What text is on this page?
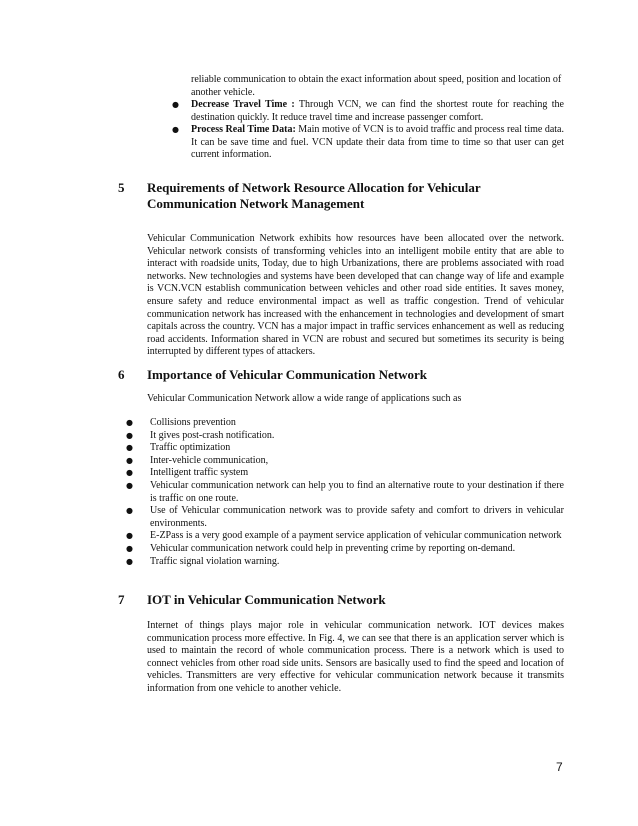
reliable communication to obtain the exact information about speed, position and location of another vehicle.

● Decrease Travel Time : Through VCN, we can find the shortest route for reaching the destination quickly. It reduce travel time and increase passenger comfort.
● Process Real Time Data: Main motive of VCN is to avoid traffic and process real time data. It can be save time and fuel. VCN update their data from time to time so that user can get current information.
5 Requirements of Network Resource Allocation for Vehicular Communication Network Management

Vehicular Communication Network exhibits how resources have been allocated over the network. Vehicular network consists of transforming vehicles into an intelligent mobile entity that are able to interact with roadside units, Today, due to high Urbanizations, there are problems associated with road networks. New technologies and systems have been developed that can change way of life and example is VCN.VCN establish communication between vehicles and other road side entities. It saves money, ensure safety and reduce environmental impact as well as traffic congestion. Trend of vehicular communication network has increased with the enhancement in technologies and development of smart capitals across the country. VCN has a major impact in traffic services enhancement as well as reducing road accidents. Information shared in VCN are robust and secured but sometimes its security is being interrupted by different types of attackers.

6 Importance of Vehicular Communication Network

Vehicular Communication Network allow a wide range of applications such as

● Collisions prevention
● It gives post-crash notification.
● Traffic optimization
● Inter-vehicle communication,
● Intelligent traffic system
● Vehicular communication network can help you to find an alternative route to your destination if there is traffic on one route.
● Use of Vehicular communication network was to provide safety and comfort to drivers in vehicular environments.
● E-ZPass is a very good example of a payment service application of vehicular communication network
● Vehicular communication network could help in preventing crime by reporting on-demand.
● Traffic signal violation warning.
7 IOT in Vehicular Communication Network

Internet of things plays major role in vehicular communication network. IOT devices makes communication process more effective. In Fig. 4, we can see that there is an application server which is used to maintain the record of whole communication process. There is a network which is used to connect vehicles from other road side units. Sensors are basically used to find the speed and location of vehicles. Transmitters are very effective for vehicular communication network because it transmits information from one vehicle to another vehicle.

7
